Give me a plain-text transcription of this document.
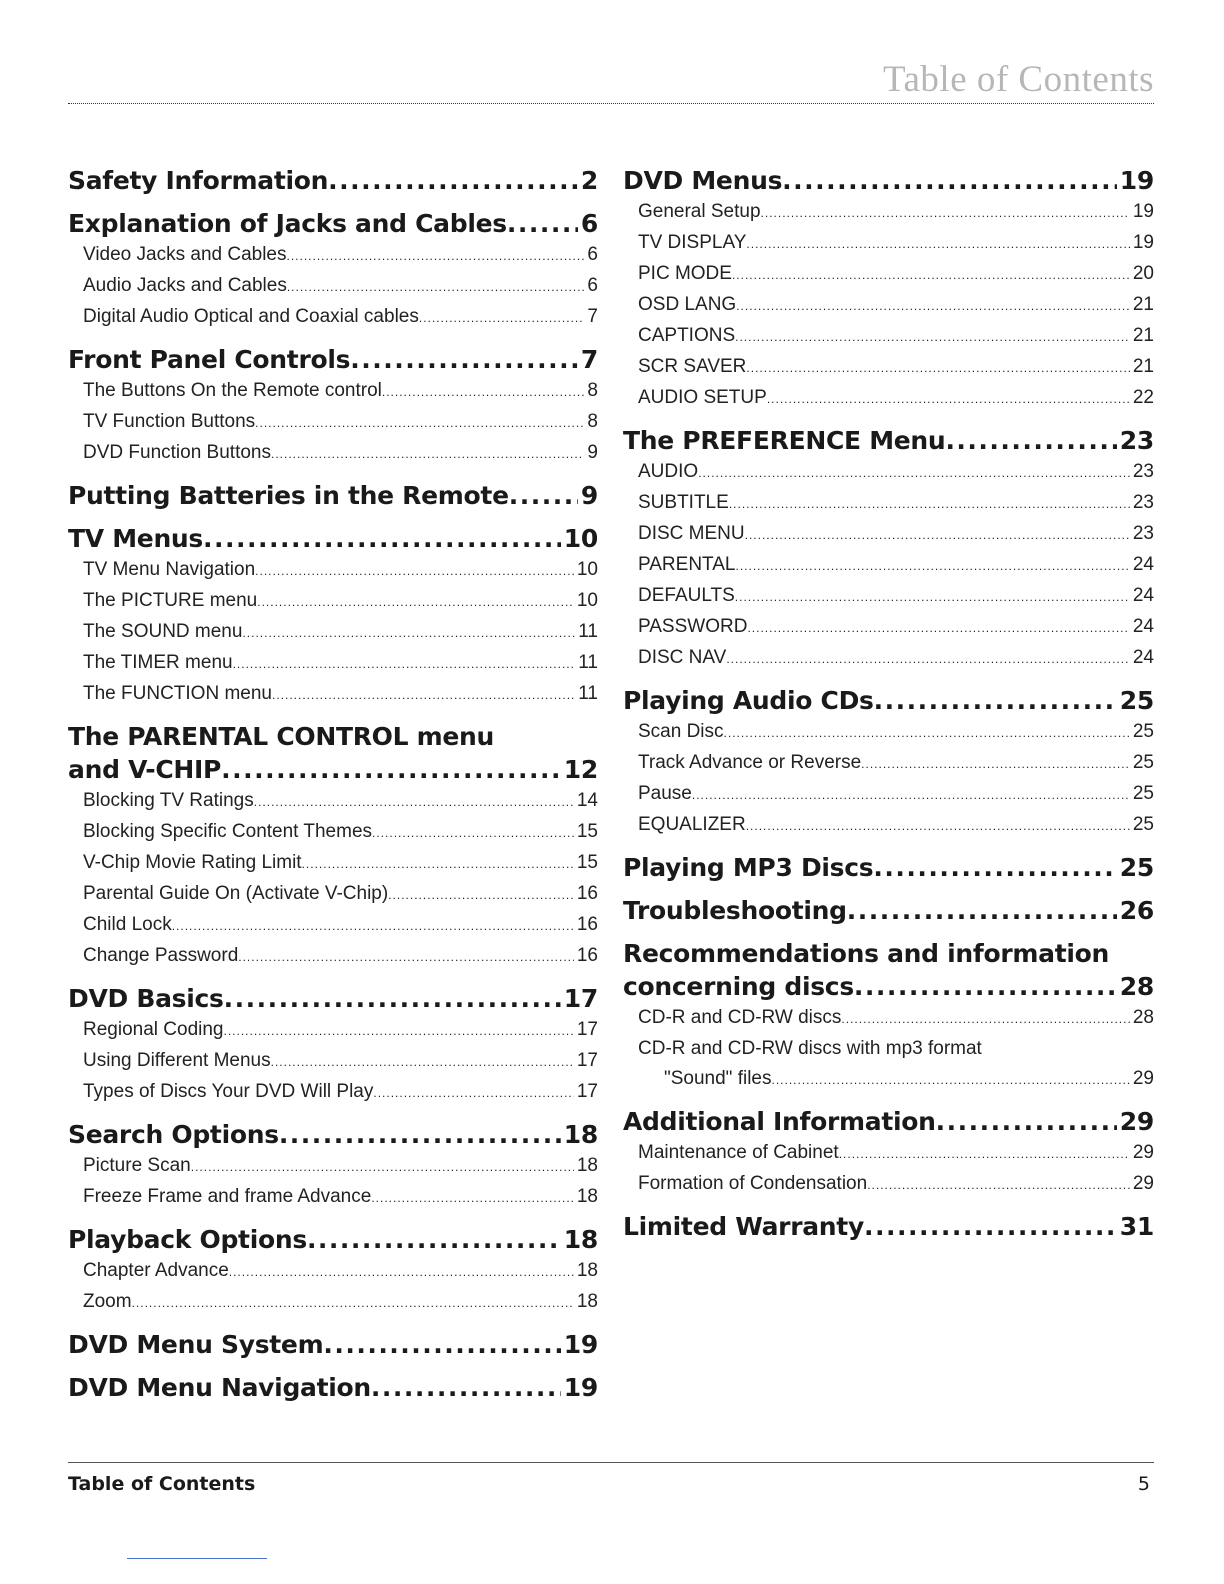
Table of Contents
Safety Information .....	2
Explanation of Jacks and Cables .....	6
Video Jacks and Cables .....	6
Audio Jacks and Cables .....	6
Digital Audio Optical and Coaxial cables .....	7
Front Panel Controls .....	7
The Buttons On the Remote control .....	8
TV Function Buttons .....	8
DVD Function Buttons .....	9
Putting Batteries in the Remote .....	9
TV Menus .....	10
TV Menu Navigation .....	10
The PICTURE menu .....	10
The SOUND menu .....	11
The TIMER menu .....	11
The FUNCTION menu .....	11
The PARENTAL CONTROL menu
and V-CHIP .....	12
Blocking TV Ratings .....	14
Blocking Specific Content Themes .....	15
V-Chip Movie Rating Limit .....	15
Parental Guide On (Activate V-Chip) .....	16
Child Lock .....	16
Change Password .....	16
DVD Basics .....	17
Regional Coding .....	17
Using Different Menus .....	17
Types of Discs Your DVD Will Play .....	17
Search Options .....	18
Picture Scan .....	18
Freeze Frame and frame Advance .....	18
Playback Options .....	18
Chapter Advance .....	18
Zoom .....	18
DVD Menu System .....	19
DVD Menu Navigation .....	19
DVD Menus .....	19
General Setup .....	19
TV DISPLAY .....	19
PIC MODE .....	20
OSD LANG .....	21
CAPTIONS .....	21
SCR SAVER .....	21
AUDIO SETUP .....	22
The PREFERENCE Menu .....	23
AUDIO .....	23
SUBTITLE .....	23
DISC MENU .....	23
PARENTAL .....	24
DEFAULTS .....	24
PASSWORD .....	24
DISC NAV .....	24
Playing Audio CDs .....	25
Scan Disc .....	25
Track Advance or Reverse .....	25
Pause .....	25
EQUALIZER .....	25
Playing MP3 Discs .....	25
Troubleshooting .....	26
Recommendations and information
concerning discs .....	28
CD-R and CD-RW discs .....	28
CD-R and CD-RW discs with mp3 format
"Sound" files .....	29
Additional Information .....	29
Maintenance of Cabinet .....	29
Formation of Condensation .....	29
Limited Warranty .....	31
Table of Contents	5
